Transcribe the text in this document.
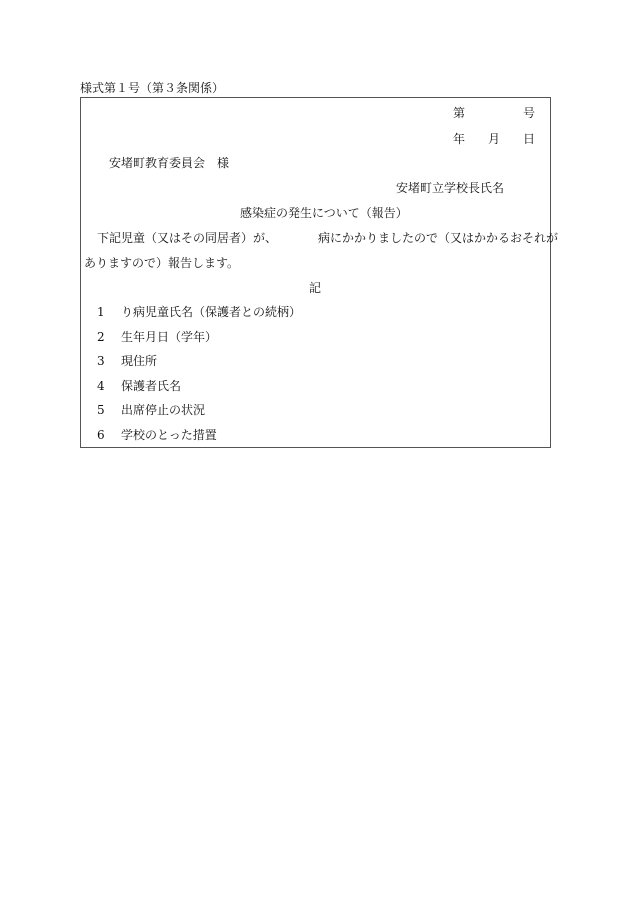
様式第１号（第３条関係）
第	号
年 月 日
安堵町教育委員会　様
安堵町立学校長氏名
感染症の発生について（報告）
下記児童（又はその同居者）が、	病にかかりましたので（又はかかるおそれが
ありますので）報告します。
記
1 り病児童氏名（保護者との続柄）
2 生年月日（学年）
3 現住所
4 保護者氏名
5 出席停止の状況
6 学校のとった措置
